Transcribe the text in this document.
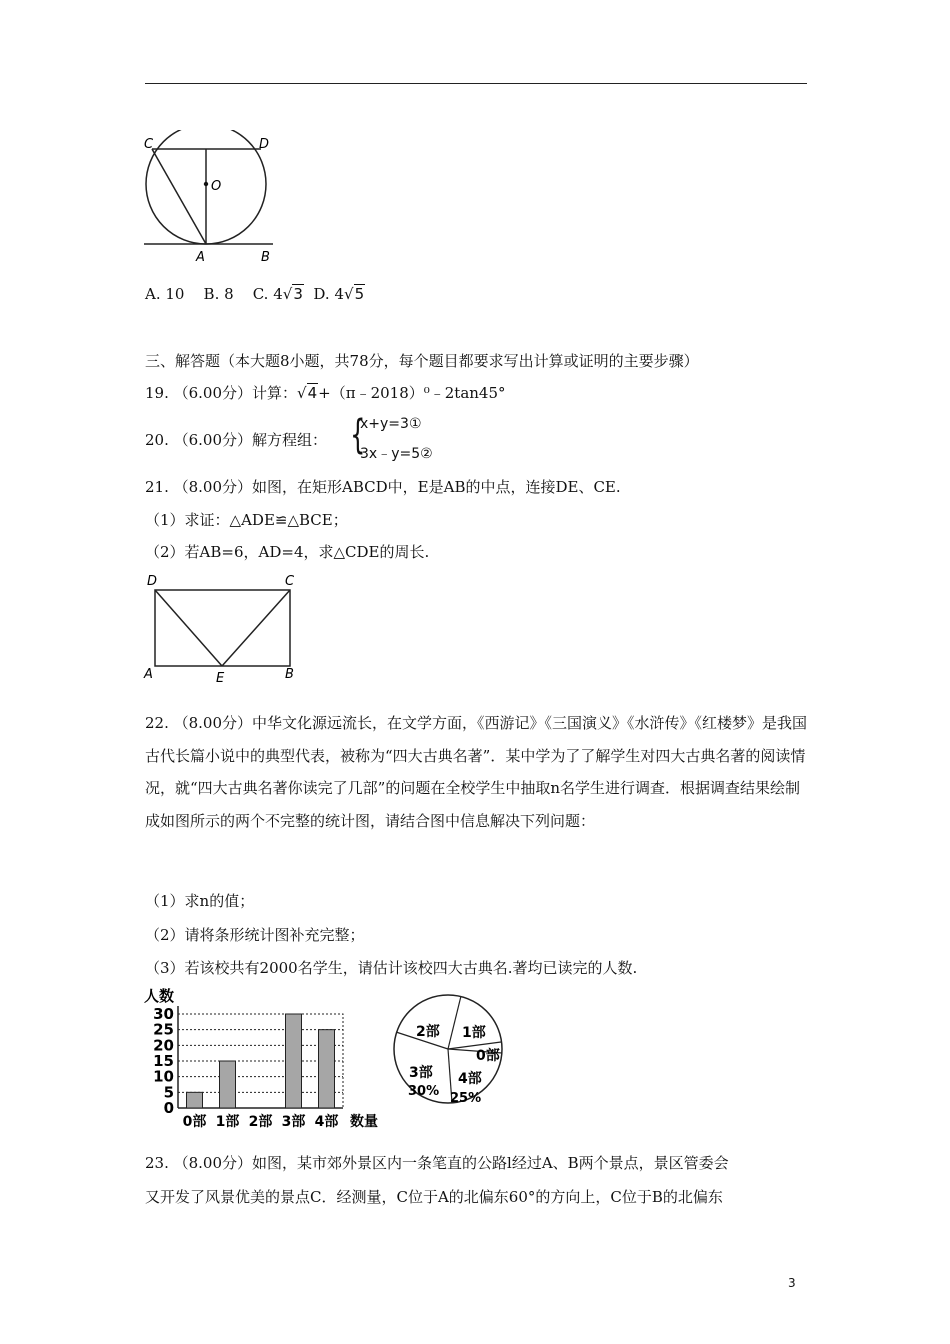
C	D
O
A	B
A. 10 B. 8 C. 4√3 D. 4√5
三、解答题（本大题8小题，共78分，每个题目都要求写出计算或证明的主要步骤）
19. （6.00分）计算：√4+（π﹣2018）⁰﹣2tan45°
20. （6.00分）解方程组： {
x+y=3①
3x﹣y=5②
21. （8.00分）如图，在矩形ABCD中，E是AB的中点，连接DE、CE.
（1）求证：△ADE≌△BCE；
（2）若AB=6，AD=4，求△CDE的周长.
D	C
A	E	B
22. （8.00分）中华文化源远流长，在文学方面，《西游记》《三国演义》《水浒传》《红楼梦》是我国古代长篇小说中的典型代表，被称为“四大古典名著”．某中学为了了解学生对四大古典名著的阅读情况，就“四大古典名著你读完了几部”的问题在全校学生中抽取n名学生进行调查．根据调查结果绘制成如图所示的两个不完整的统计图，请结合图中信息解决下列问题：
（1）求n的值；
（2）请将条形统计图补充完整；
（3）若该校共有2000名学生，请估计该校四大古典名.著均已读完的人数.
人数
0
5
10
15
20
25
30
0部 1部 2部 3部 4部 数量
2部 1部
0部
4部
25%
3部
30%
23. （8.00分）如图，某市郊外景区内一条笔直的公路l经过A、B两个景点，景区管委会
又开发了风景优美的景点C．经测量，C位于A的北偏东60°的方向上，C位于B的北偏东
3
